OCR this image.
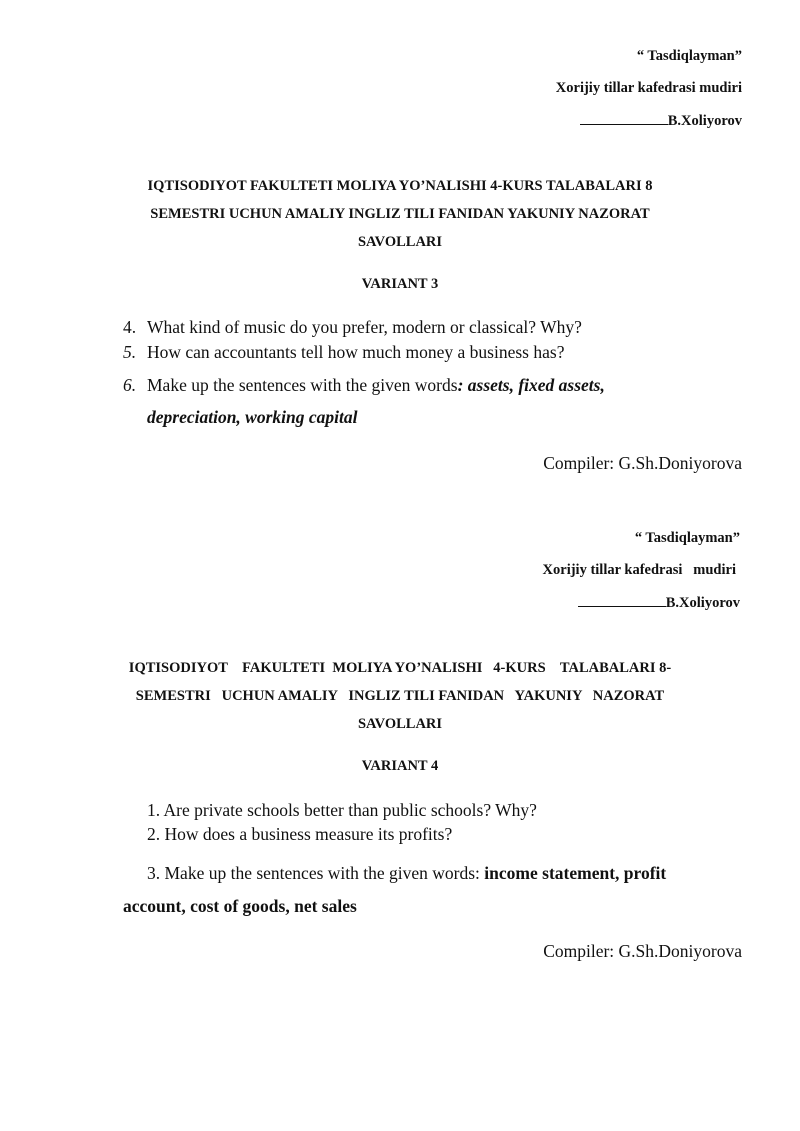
“ Tasdiqlayman”
Xorijiy tillar kafedrasi mudiri
B.Xoliyorov
IQTISODIYOT FAKULTETI MOLIYA YO’NALISHI 4-KURS TALABALARI 8
SEMESTRI UCHUN AMALIY INGLIZ TILI FANIDAN YAKUNIY NAZORAT
SAVOLLARI
VARIANT 3
4. What kind of music do you prefer, modern or classical? Why?
5. How can accountants tell how much money a business has?
6. Make up the sentences with the given words: assets, fixed assets,
depreciation, working capital
Compiler: G.Sh.Doniyorova
“ Tasdiqlayman”
Xorijiy tillar kafedrasi   mudiri
B.Xoliyorov
IQTISODIYOT    FAKULTETI  MOLIYA YO’NALISHI   4-KURS    TALABALARI 8-
SEMESTRI   UCHUN AMALIY   INGLIZ TILI FANIDAN   YAKUNIY   NAZORAT
SAVOLLARI
VARIANT 4
1. Are private schools better than public schools? Why?
2. How does a business measure its profits?
3. Make up the sentences with the given words: income statement, profit
account, cost of goods, net sales
Compiler: G.Sh.Doniyorova
